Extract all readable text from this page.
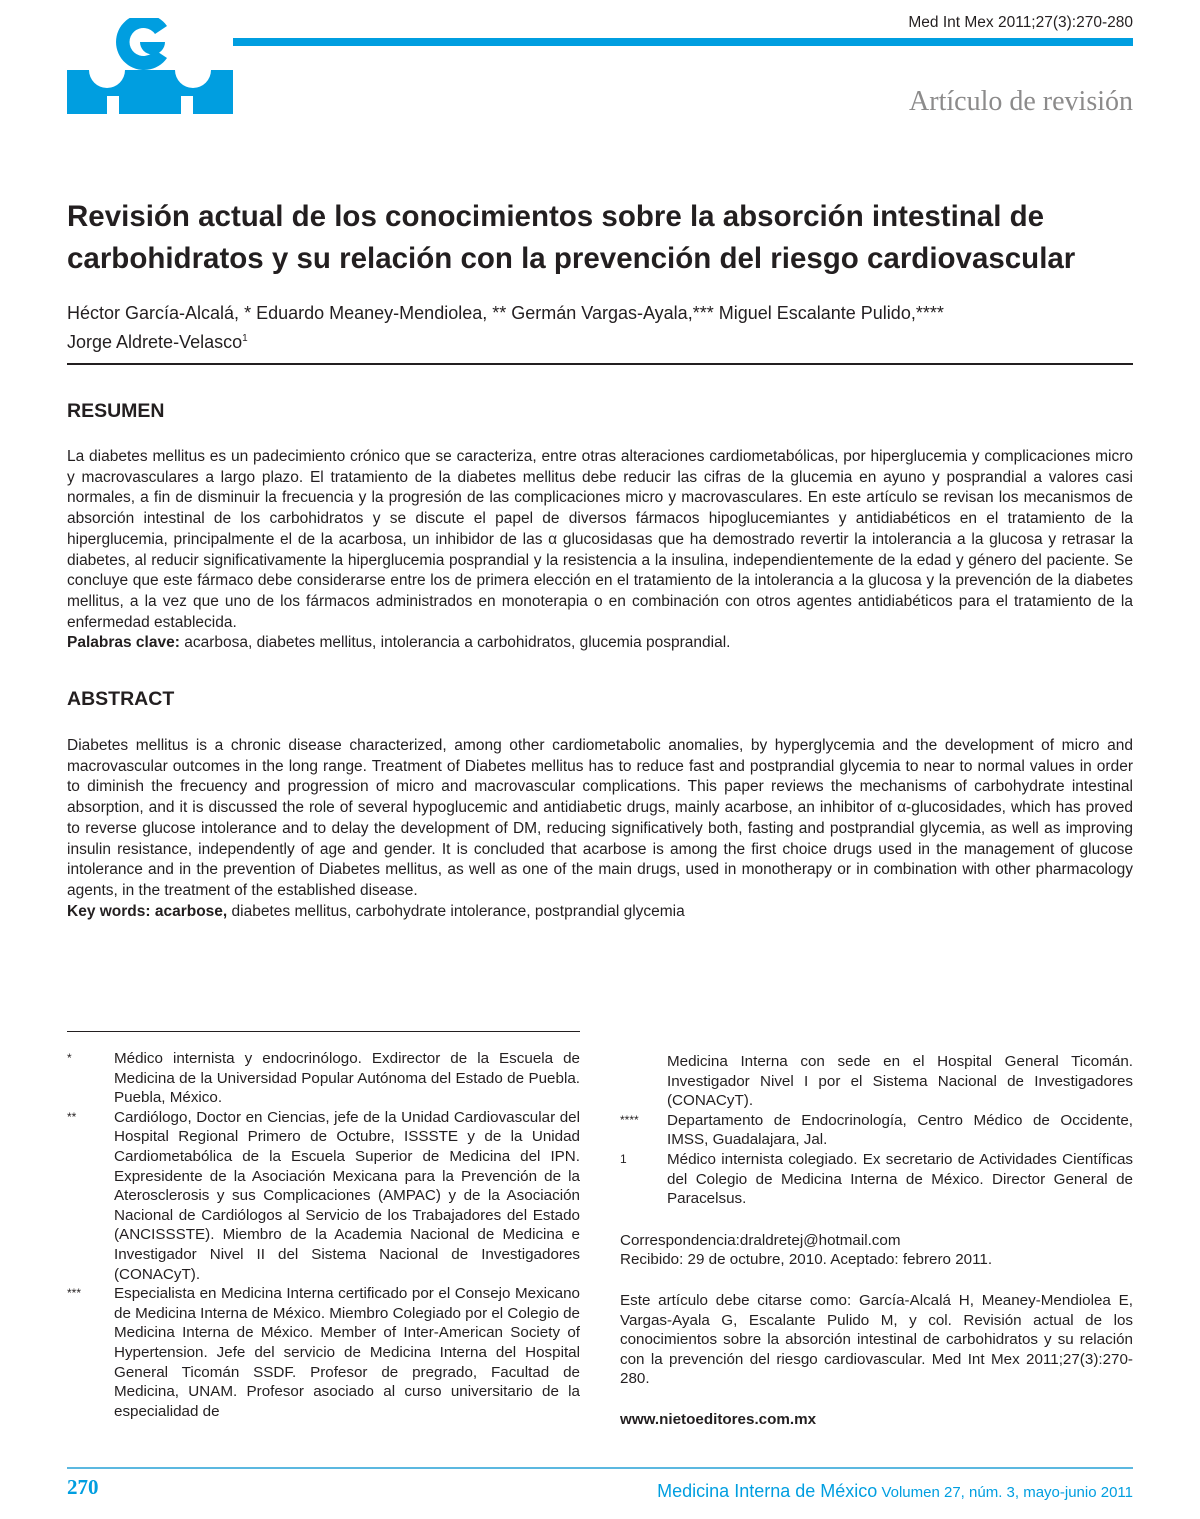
Med Int Mex 2011;27(3):270-280
Artículo de revisión
Revisión actual de los conocimientos sobre la absorción intestinal de carbohidratos y su relación con la prevención del riesgo cardiovascular
Héctor García-Alcalá, * Eduardo Meaney-Mendiolea, ** Germán Vargas-Ayala,*** Miguel Escalante Pulido,****
Jorge Aldrete-Velasco$^1$
RESUMEN
La diabetes mellitus es un padecimiento crónico que se caracteriza, entre otras alteraciones cardiometabólicas, por hiperglucemia y complicaciones micro y macrovasculares a largo plazo. El tratamiento de la diabetes mellitus debe reducir las cifras de la glucemia en ayuno y posprandial a valores casi normales, a fin de disminuir la frecuencia y la progresión de las complicaciones micro y macrovasculares. En este artículo se revisan los mecanismos de absorción intestinal de los carbohidratos y se discute el papel de diversos fármacos hipoglucemiantes y antidiabéticos en el tratamiento de la hiperglucemia, principalmente el de la acarbosa, un inhibidor de las α glucosidasas que ha demostrado revertir la intolerancia a la glucosa y retrasar la diabetes, al reducir significativamente la hiperglucemia posprandial y la resistencia a la insulina, independientemente de la edad y género del paciente. Se concluye que este fármaco debe considerarse entre los de primera elección en el tratamiento de la intolerancia a la glucosa y la prevención de la diabetes mellitus, a la vez que uno de los fármacos administrados en monoterapia o en combinación con otros agentes antidiabéticos para el tratamiento de la enfermedad establecida.
Palabras clave: acarbosa, diabetes mellitus, intolerancia a carbohidratos, glucemia posprandial.
ABSTRACT
Diabetes mellitus is a chronic disease characterized, among other cardiometabolic anomalies, by hyperglycemia and the development of micro and macrovascular outcomes in the long range. Treatment of Diabetes mellitus has to reduce fast and postprandial glycemia to near to normal values in order to diminish the frecuency and progression of micro and macrovascular complications. This paper reviews the mechanisms of carbohydrate intestinal absorption, and it is discussed the role of several hypoglucemic and antidiabetic drugs, mainly acarbose, an inhibitor of α-glucosidades, which has proved to reverse glucose intolerance and to delay the development of DM, reducing significatively both, fasting and postprandial glycemia, as well as improving insulin resistance, independently of age and gender. It is concluded that acarbose is among the first choice drugs used in the management of glucose intolerance and in the prevention of Diabetes mellitus, as well as one of the main drugs, used in monotherapy or in combination with other pharmacology agents, in the treatment of the established disease.
Key words: acarbose, diabetes mellitus, carbohydrate intolerance, postprandial glycemia
*	Médico internista y endocrinólogo. Exdirector de la Escuela de Medicina de la Universidad Popular Autónoma del Estado de Puebla. Puebla, México.
** Cardiólogo, Doctor en Ciencias, jefe de la Unidad Cardiovascular del Hospital Regional Primero de Octubre, ISSSTE y de la Unidad Cardiometabólica de la Escuela Superior de Medicina del IPN. Expresidente de la Asociación Mexicana para la Prevención de la Aterosclerosis y sus Complicaciones (AMPAC) y de la Asociación Nacional de Cardiólogos al Servicio de los Trabajadores del Estado (ANCISSSTE). Miembro de la Academia Nacional de Medicina e Investigador Nivel II del Sistema Nacional de Investigadores (CONACyT).
*** Especialista en Medicina Interna certificado por el Consejo Mexicano de Medicina Interna de México. Miembro Colegiado por el Colegio de Medicina Interna de México. Member of Inter-American Society of Hypertension. Jefe del servicio de Medicina Interna del Hospital General Ticomán SSDF. Profesor de pregrado, Facultad de Medicina, UNAM. Profesor asociado al curso universitario de la especialidad de
Medicina Interna con sede en el Hospital General Ticomán. Investigador Nivel I por el Sistema Nacional de Investigadores (CONACyT).
**** Departamento de Endocrinología, Centro Médico de Occidente, IMSS, Guadalajara, Jal.
1	Médico internista colegiado. Ex secretario de Actividades Científicas del Colegio de Medicina Interna de México. Director General de Paracelsus.
Correspondencia:draldretej@hotmail.com
Recibido: 29 de octubre, 2010. Aceptado: febrero 2011.
Este artículo debe citarse como: García-Alcalá H, Meaney-Mendiolea E, Vargas-Ayala G, Escalante Pulido M, y col. Revisión actual de los conocimientos sobre la absorción intestinal de carbohidratos y su relación con la prevención del riesgo cardiovascular. Med Int Mex 2011;27(3):270-280.
www.nietoeditores.com.mx
270	Medicina Interna de México Volumen 27, núm. 3, mayo-junio 2011
